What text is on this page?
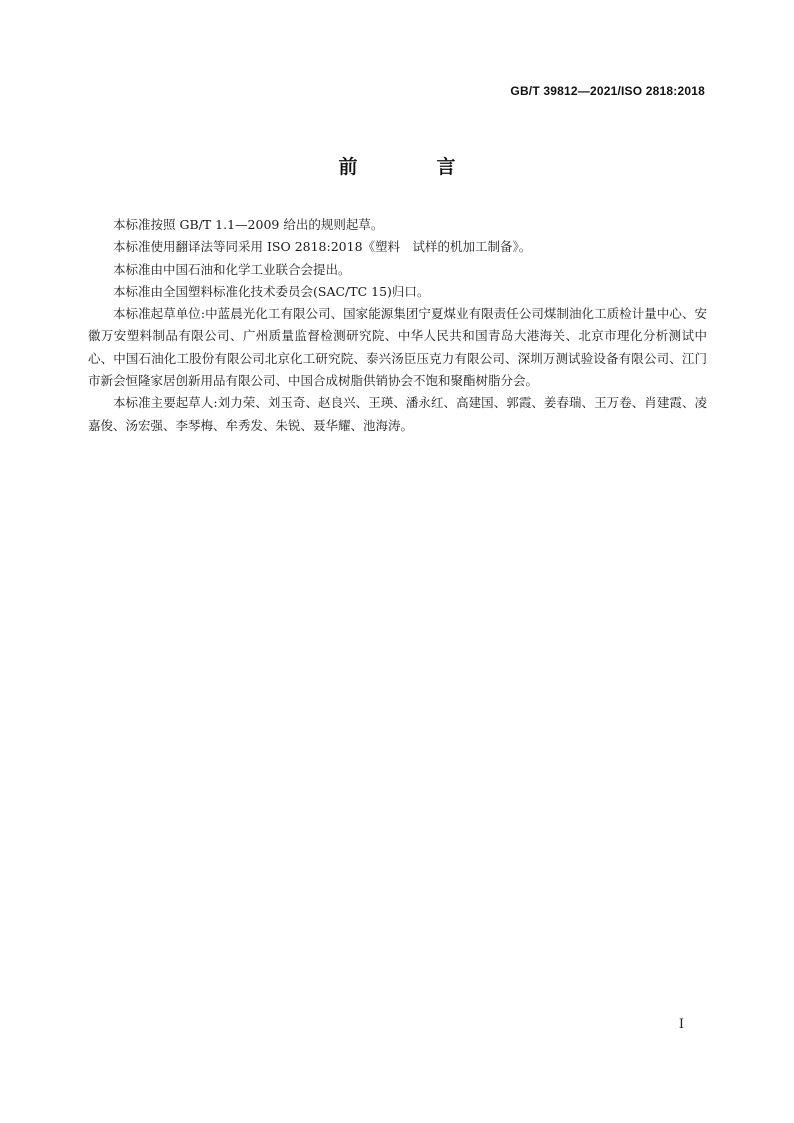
GB/T 39812—2021/ISO 2818:2018
前　言

本标准按照 GB/T 1.1—2009 给出的规则起草。

本标准使用翻译法等同采用 ISO 2818:2018《塑料　试样的机加工制备》。

本标准由中国石油和化学工业联合会提出。

本标准由全国塑料标准化技术委员会(SAC/TC 15)归口。

本标准起草单位:中蓝晨光化工有限公司、国家能源集团宁夏煤业有限责任公司煤制油化工质检计量中心、安徽万安塑料制品有限公司、广州质量监督检测研究院、中华人民共和国青岛大港海关、北京市理化分析测试中心、中国石油化工股份有限公司北京化工研究院、泰兴汤臣压克力有限公司、深圳万测试验设备有限公司、江门市新会恒隆家居创新用品有限公司、中国合成树脂供销协会不饱和聚酯树脂分会。

本标准主要起草人:刘力荣、刘玉奇、赵良兴、王瑛、潘永红、高建国、郭霞、姜春瑞、王万卷、肖建霞、凌嘉俊、汤宏强、李琴梅、牟秀发、朱锐、聂华耀、池海涛。

I
